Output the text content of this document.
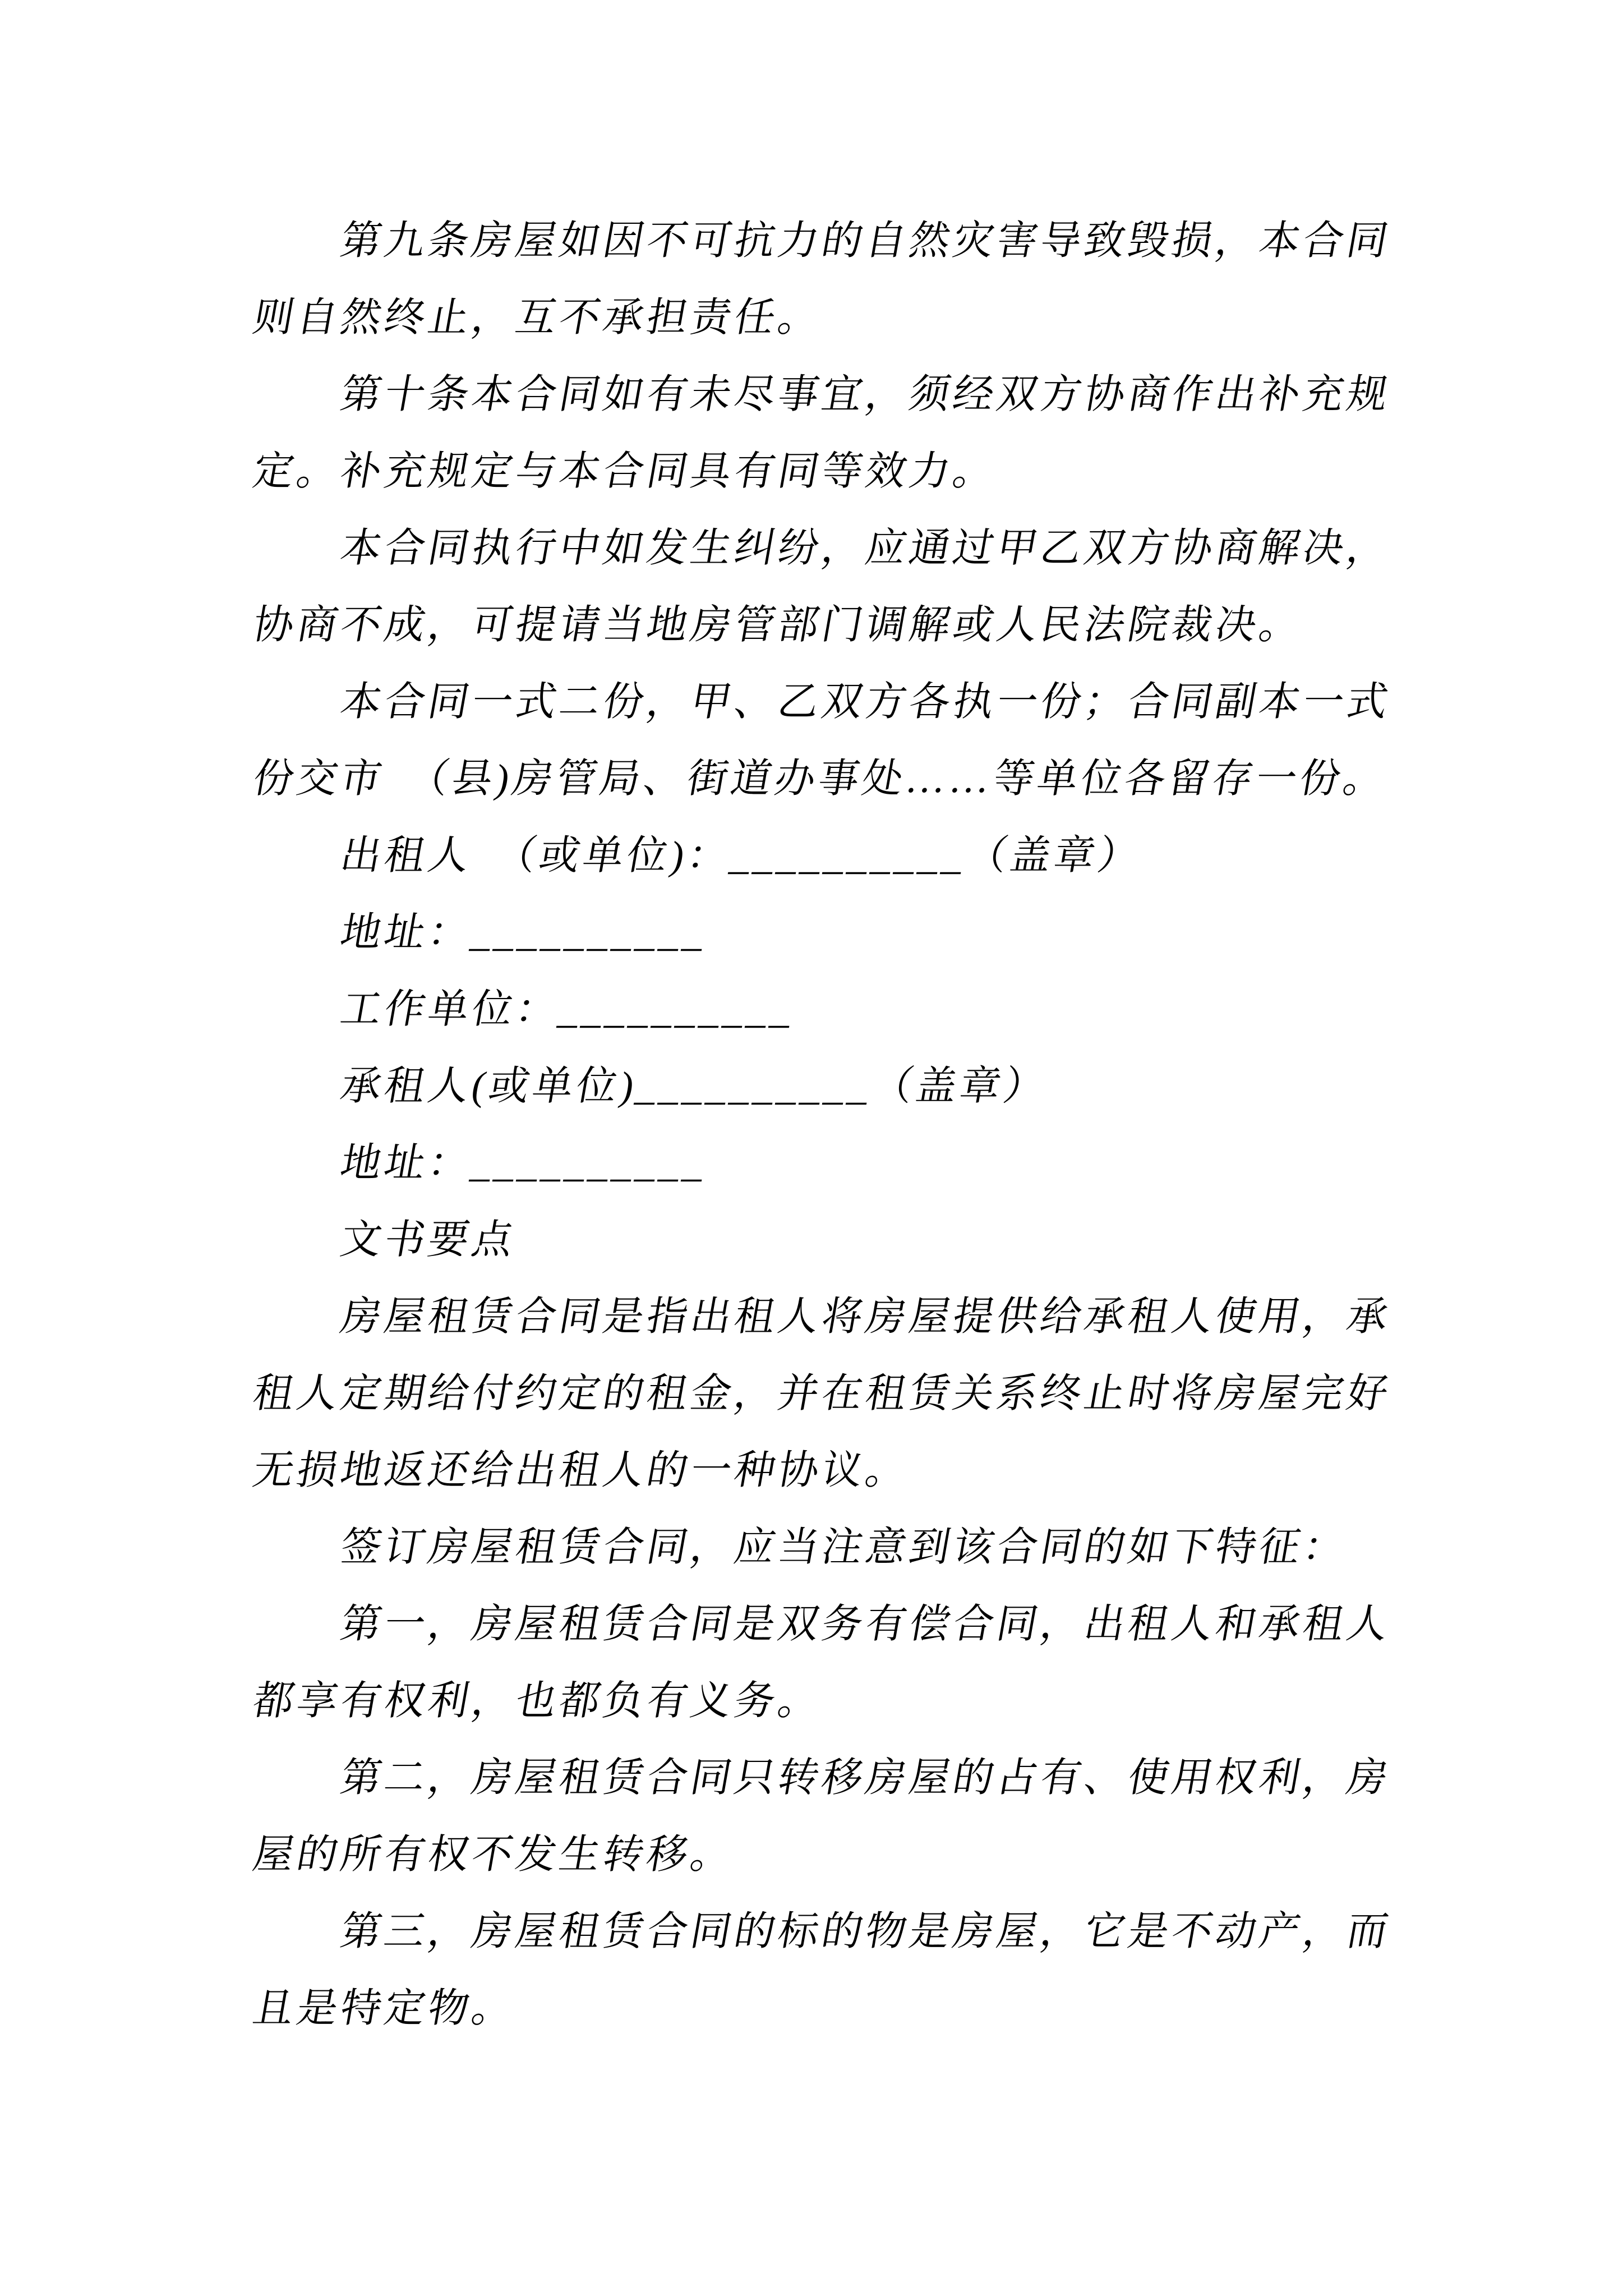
第九条房屋如因不可抗力的自然灾害导致毁损，本合同
则自然终止，互不承担责任。
第十条本合同如有未尽事宜，须经双方协商作出补充规
定。补充规定与本合同具有同等效力。
本合同执行中如发生纠纷，应通过甲乙双方协商解决，
协商不成，可提请当地房管部门调解或人民法院裁决。
本合同一式二份，甲、乙双方各执一份；合同副本一式
份交市　（县)房管局、街道办事处……等单位各留存一份。
出租人　（或单位)：__________（盖章）
地址：__________
工作单位：__________
承租人(或单位)__________（盖章）
地址：__________
文书要点
房屋租赁合同是指出租人将房屋提供给承租人使用，承
租人定期给付约定的租金，并在租赁关系终止时将房屋完好
无损地返还给出租人的一种协议。
签订房屋租赁合同，应当注意到该合同的如下特征：
第一，房屋租赁合同是双务有偿合同，出租人和承租人
都享有权利，也都负有义务。
第二，房屋租赁合同只转移房屋的占有、使用权利，房
屋的所有权不发生转移。
第三，房屋租赁合同的标的物是房屋，它是不动产，而
且是特定物。
